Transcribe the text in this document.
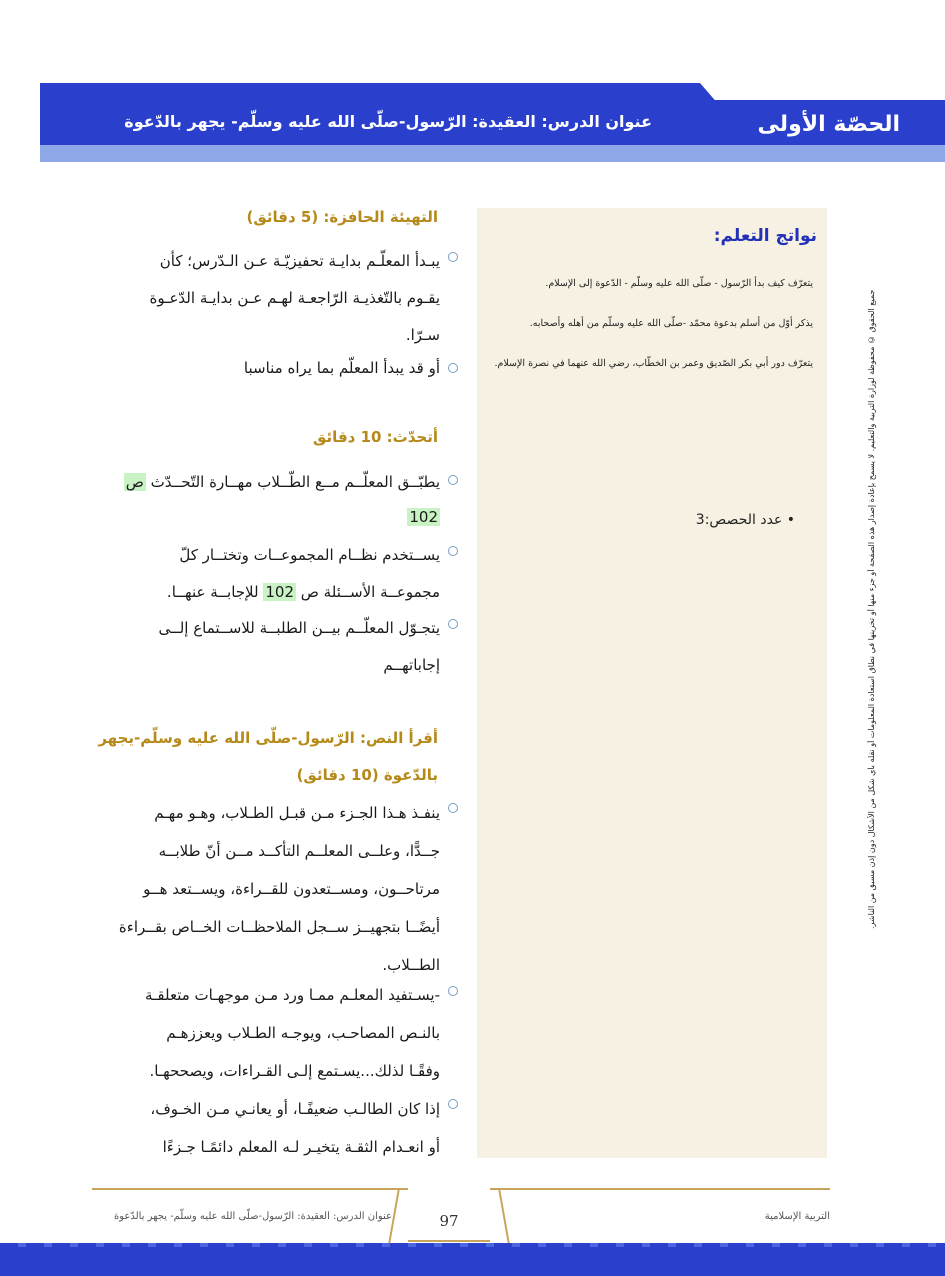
الحصّة الأولى
عنوان الدرس: العقيدة: الرّسول-صلّى الله عليه وسلّم- يجهر بالدّعوة
نواتج التعلم:
يتعرّف كيف بدأ الرّسول - صلّى الله عليه وسلّم - الدّعوة إلى الإسلام.
يذكر أوّل من أسلم بدعوة محمّد -صلّى الله عليه وسلّم من أهله وأصحابه.
يتعرّف دور أبي بكر الصّديق وعمر بن الخطّاب، رضي الله عنهما في نصرة الإسلام.
• عدد الحصص:3	جميع الحقوق © محفوظة لوزارة التربية والتعليم. لا يسمح بإعادة إصدار هذه الصفحة أو جزء منها أو تخزينها في نطاق استعادة المعلومات أو نقله بأي شكل من الأشكال دون إذن مسبق من الناشر.
التهيئة الحافزة: (5 دقائق)
يبـدأ المعلّـم بدايـة تحفيزيّـة عـن الـدّرس؛ كأن
يقـوم بالتّغذيـة الرّاجعـة لهـم عـن بدايـة الدّعـوة
سـرّا.
أو قد يبدأ المعلّم بما يراه مناسبا
أتحدّث: 10 دقائق
يطبّــق المعلّــم مــع الطّــلاب مهــارة التّحــدّث ص
102
يســتخدم نظــام المجموعــات وتختــار كلّ
مجموعــة الأســئلة ص 102 للإجابــة عنهــا.
يتجـوّل المعلّــم بيــن الطلبــة للاســتماع إلــى
إجاباتهــم
أقرأ النص: الرّسول-صلّى الله عليه وسلّم-يجهر
بالدّعوة (10 دقائق)
ينفـذ هـذا الجـزء مـن قبـل الطـلاب، وهـو مهـم
جــدًّا، وعلــى المعلــم التأكــد مــن أنّ طلابــه
مرتاحــون، ومســتعدون للقــراءة، ويســتعد هــو
أيضًــا بتجهيــز ســجل الملاحظــات الخــاص بقــراءة
الطــلاب.
-يسـتفيد المعلـم ممـا ورد مـن موجهـات متعلقـة
بالنـص المصاحـب، ويوجـه الطـلاب ويعززهـم
وفقًـا لذلك...يسـتمع إلـى القـراءات، ويصححهـا.
إذا كان الطالـب ضعيفًـا، أو يعانـي مـن الخـوف،
أو انعـدام الثقـة يتخيـر لـه المعلم دائمًـا جـزءًا
97	التربية الإسلامية
عنوان الدرس: العقيدة: الرّسول-صلّى الله عليه وسلّم- يجهر بالدّعوة
